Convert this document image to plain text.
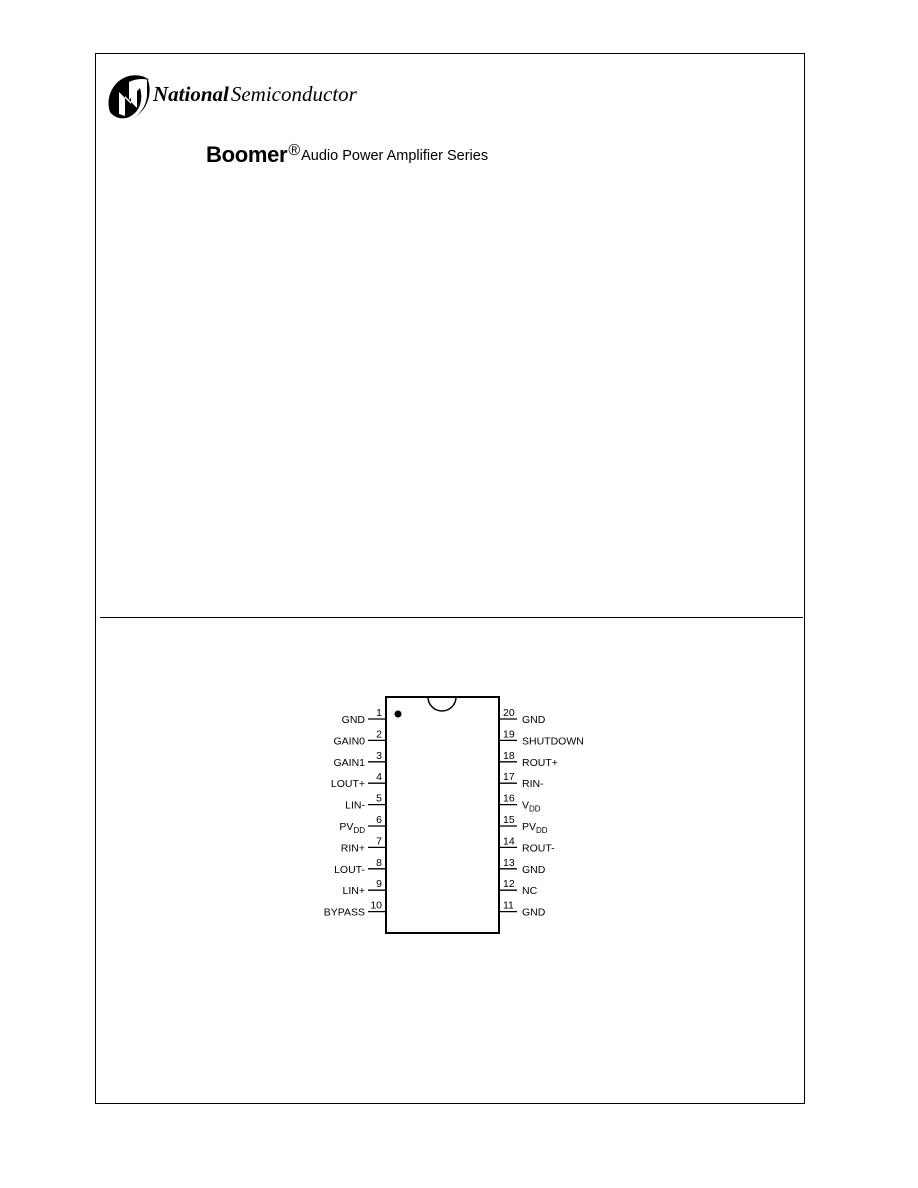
NationalSemiconductor
Boomer®Audio Power Amplifier Series
1
GND
2
GAIN0
3
GAIN1
4
LOUT+
5
LIN-
6
$PV_{DD}$
7
RIN+
8
LOUT-
9
LIN+
10
BYPASS
20
GND
19
SHUTDOWN
18
ROUT+
17
RIN-
16
$V_{DD}$
15
$PV_{DD}$
14
ROUT-
13
GND
12
NC
11
GND
